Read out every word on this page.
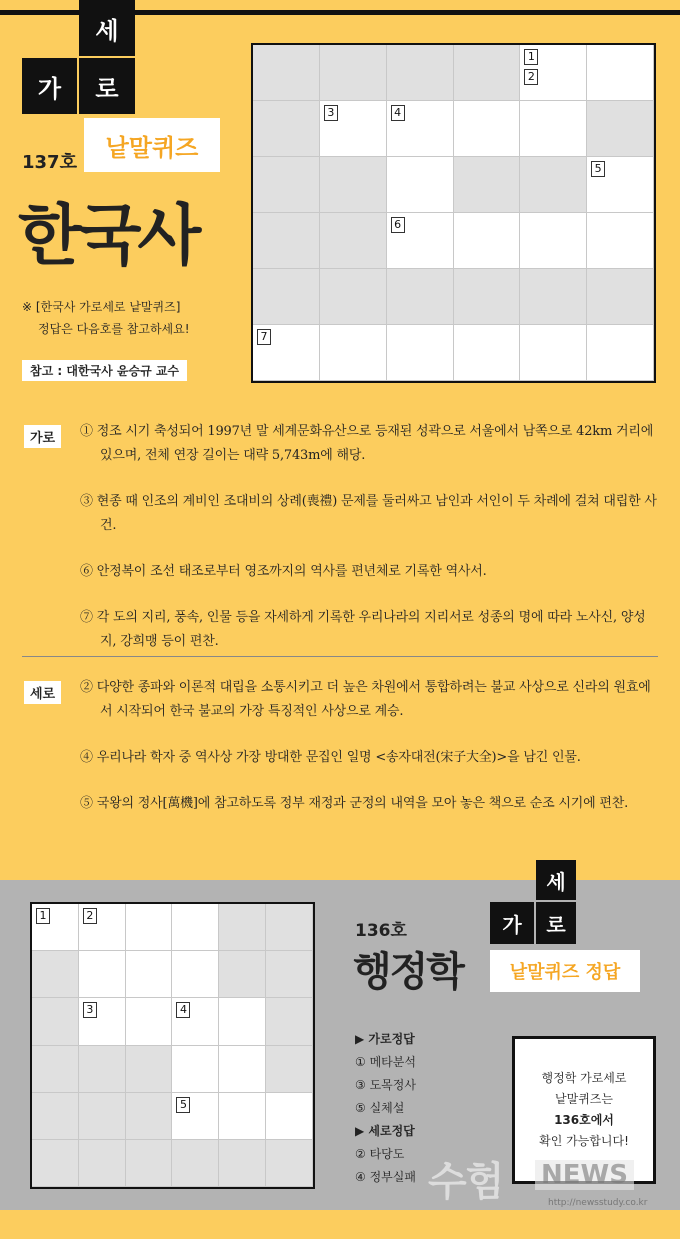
세
가	로
낱말퀴즈
137호
한국사
※ [한국사 가로세로 낱말퀴즈]
정답은 다음호를 참고하세요!
참고 : 대한국사 윤승규 교수
1
2
3	4
5
6
7
가로	① 정조 시기 축성되어 1997년 말 세계문화유산으로 등재된 성곽으로 서울에서 남쪽으로 42km 거리에 있으며, 전체 연장 길이는 대략 5,743m에 해당.
③ 현종 때 인조의 계비인 조대비의 상례(喪禮) 문제를 둘러싸고 남인과 서인이 두 차례에 걸쳐 대립한 사건.
⑥ 안정복이 조선 태조로부터 영조까지의 역사를 편년체로 기록한 역사서.
⑦ 각 도의 지리, 풍속, 인물 등을 자세하게 기록한 우리나라의 지리서로 성종의 명에 따라 노사신, 양성지, 강희맹 등이 편찬.
세로	② 다양한 종파와 이론적 대립을 소통시키고 더 높은 차원에서 통합하려는 불교 사상으로 신라의 원효에서 시작되어 한국 불교의 가장 특징적인 사상으로 계승.
④ 우리나라 학자 중 역사상 가장 방대한 문집인 일명 <송자대전(宋子大全)>을 남긴 인물.
⑤ 국왕의 정사[萬機]에 참고하도록 정부 재정과 군정의 내역을 모아 놓은 책으로 순조 시기에 편찬.
1	2
3	4
5
136호
행정학
세
가	로
낱말퀴즈 정답
▶ 가로정답
① 메타분석
③ 도목정사
⑤ 실체설
▶ 세로정답
② 타당도
④ 정부실패
행정학 가로세로
낱말퀴즈는
136호에서
확인 가능합니다!
수험 NEWS
http://newsstudy.co.kr
